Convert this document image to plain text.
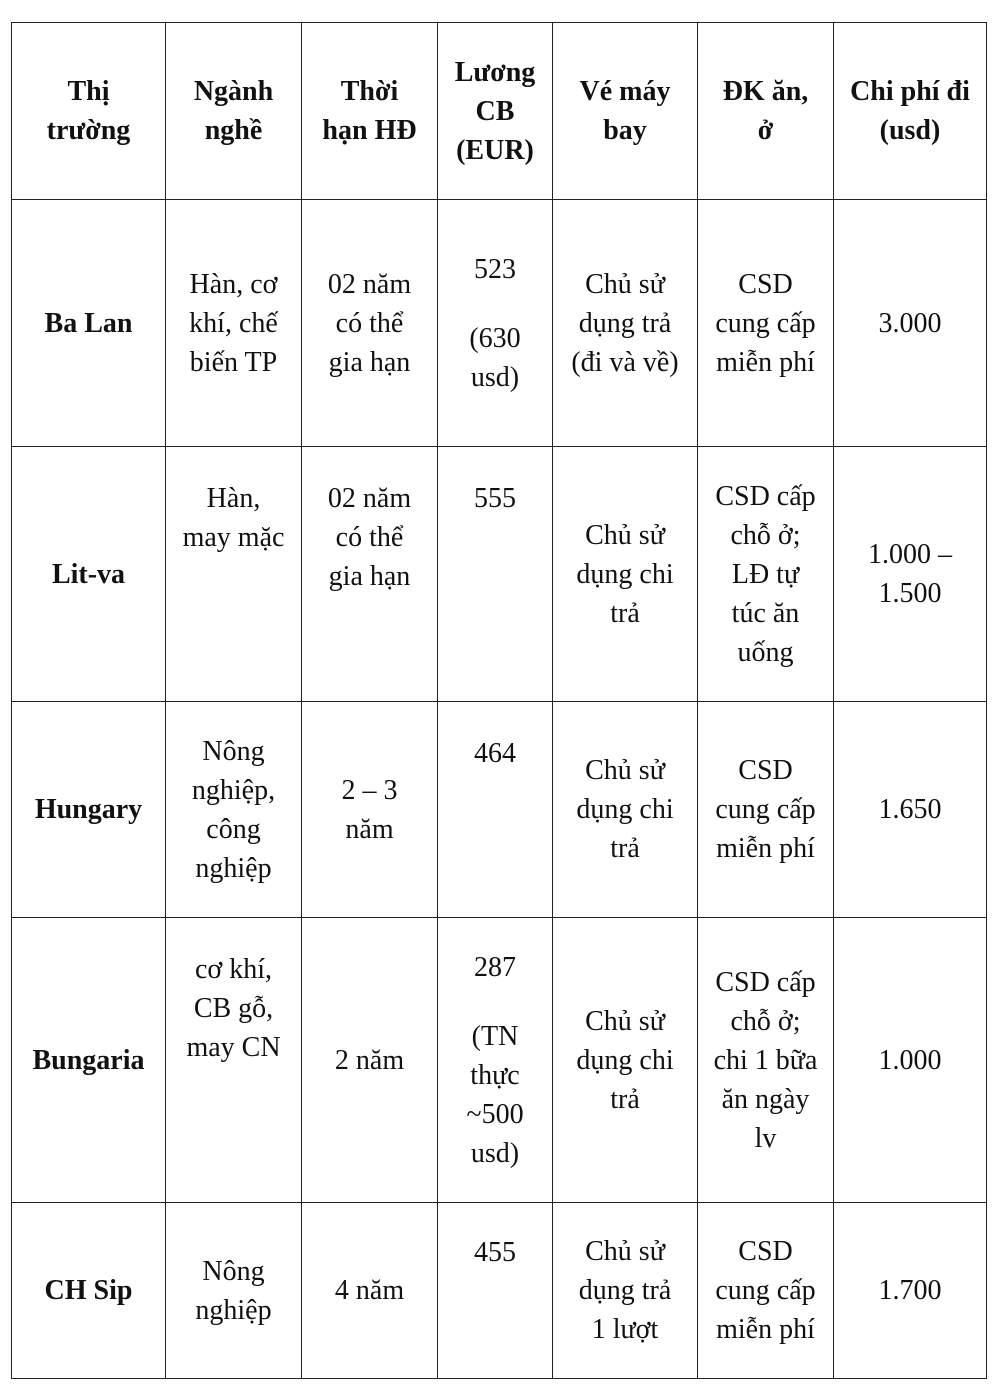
Thị
trường	Ngành
nghề	Thời
hạn HĐ	Lương
CB
(EUR)	Vé máy
bay	ĐK ăn,
ở	Chi phí đi
(usd)

Ba Lan	Hàn, cơ
khí, chế
biến TP	02 năm
có thể
gia hạn	523
(630
usd)	Chủ sử
dụng trả
(đi và về)	CSD
cung cấp
miễn phí	3.000

Lit-va	Hàn,
may mặc	02 năm
có thể
gia hạn	555	Chủ sử
dụng chi
trả	CSD cấp
chỗ ở;
LĐ tự
túc ăn
uống	1.000 –
1.500

Hungary	Nông
nghiệp,
công
nghiệp	2 – 3
năm	464	Chủ sử
dụng chi
trả	CSD
cung cấp
miễn phí	1.650

Bungaria	cơ khí,
CB gỗ,
may CN	2 năm	287
(TN
thực
~500
usd)	Chủ sử
dụng chi
trả	CSD cấp
chỗ ở;
chi 1 bữa
ăn ngày
lv	1.000

CH Sip	Nông
nghiệp	4 năm	455	Chủ sử
dụng trả
1 lượt	CSD
cung cấp
miễn phí	1.700
